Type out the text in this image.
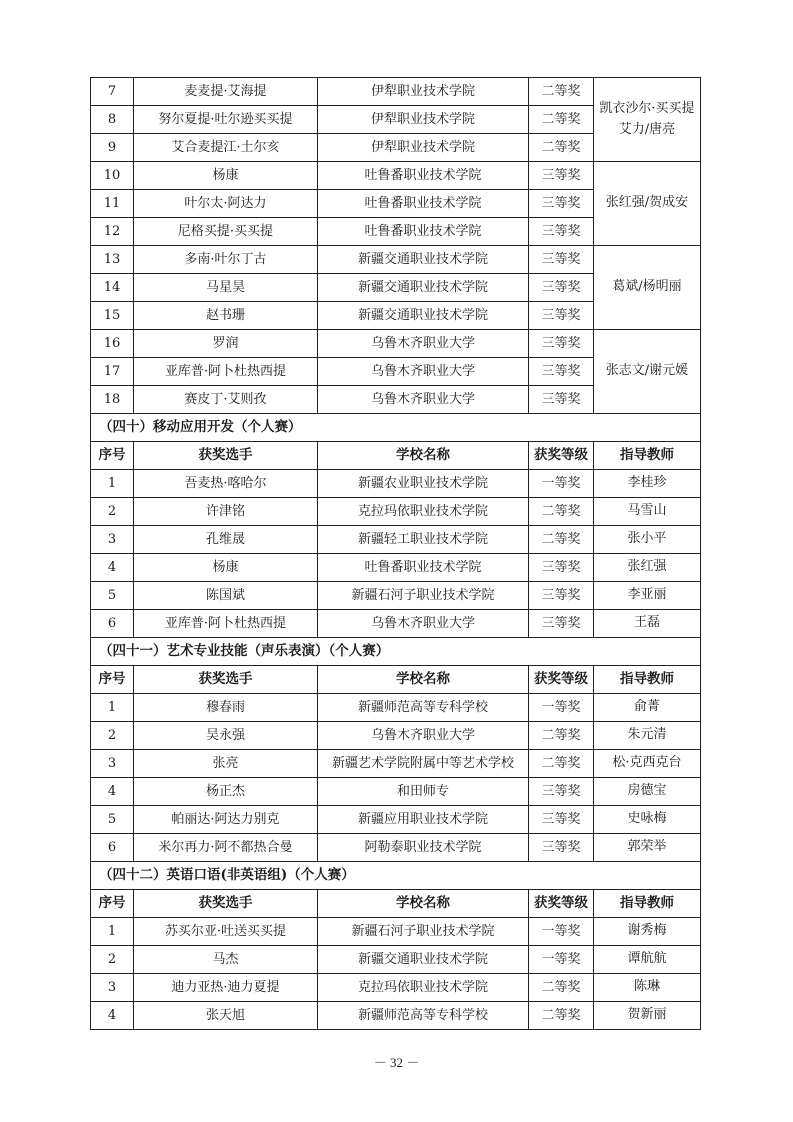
7	麦麦提·艾海提	伊犁职业技术学院	二等奖	凯衣沙尔·买买提艾力/唐亮
8	努尔夏提·吐尔逊买买提	伊犁职业技术学院	二等奖	
9	艾合麦提江·土尔亥	伊犁职业技术学院	二等奖	
10	杨康	吐鲁番职业技术学院	三等奖	张红强/贺成安
11	叶尔太·阿达力	吐鲁番职业技术学院	三等奖	
12	尼格买提·买买提	吐鲁番职业技术学院	三等奖	
13	多南·叶尔丁古	新疆交通职业技术学院	三等奖	葛斌/杨明丽
14	马星昊	新疆交通职业技术学院	三等奖	
15	赵书珊	新疆交通职业技术学院	三等奖	
16	罗润	乌鲁木齐职业大学	三等奖	张志文/谢元媛
17	亚库普·阿卜杜热西提	乌鲁木齐职业大学	三等奖	
18	赛皮丁·艾则孜	乌鲁木齐职业大学	三等奖	
（四十）移动应用开发（个人赛）				
序号	获奖选手	学校名称	获奖等级	指导教师
1	吾麦热·喀哈尔	新疆农业职业技术学院	一等奖	李桂珍
2	许津铭	克拉玛依职业技术学院	二等奖	马雪山
3	孔维晟	新疆轻工职业技术学院	二等奖	张小平
4	杨康	吐鲁番职业技术学院	三等奖	张红强
5	陈国斌	新疆石河子职业技术学院	三等奖	李亚丽
6	亚库普·阿卜杜热西提	乌鲁木齐职业大学	三等奖	王磊
（四十一）艺术专业技能（声乐表演）（个人赛）				
序号	获奖选手	学校名称	获奖等级	指导教师
1	穆春雨	新疆师范高等专科学校	一等奖	俞菁
2	吴永强	乌鲁木齐职业大学	二等奖	朱元清
3	张亮	新疆艺术学院附属中等艺术学校	二等奖	松·克西克台
4	杨正杰	和田师专	三等奖	房德宝
5	帕丽达·阿达力别克	新疆应用职业技术学院	三等奖	史咏梅
6	米尔再力·阿不都热合曼	阿勒泰职业技术学院	三等奖	郭荣举
（四十二）英语口语(非英语组)（个人赛）				
序号	获奖选手	学校名称	获奖等级	指导教师
1	苏买尔亚·吐送买买提	新疆石河子职业技术学院	一等奖	谢秀梅
2	马杰	新疆交通职业技术学院	一等奖	谭航航
3	迪力亚热·迪力夏提	克拉玛依职业技术学院	二等奖	陈琳
4	张天旭	新疆师范高等专科学校	二等奖	贺新丽
－ 32 －
